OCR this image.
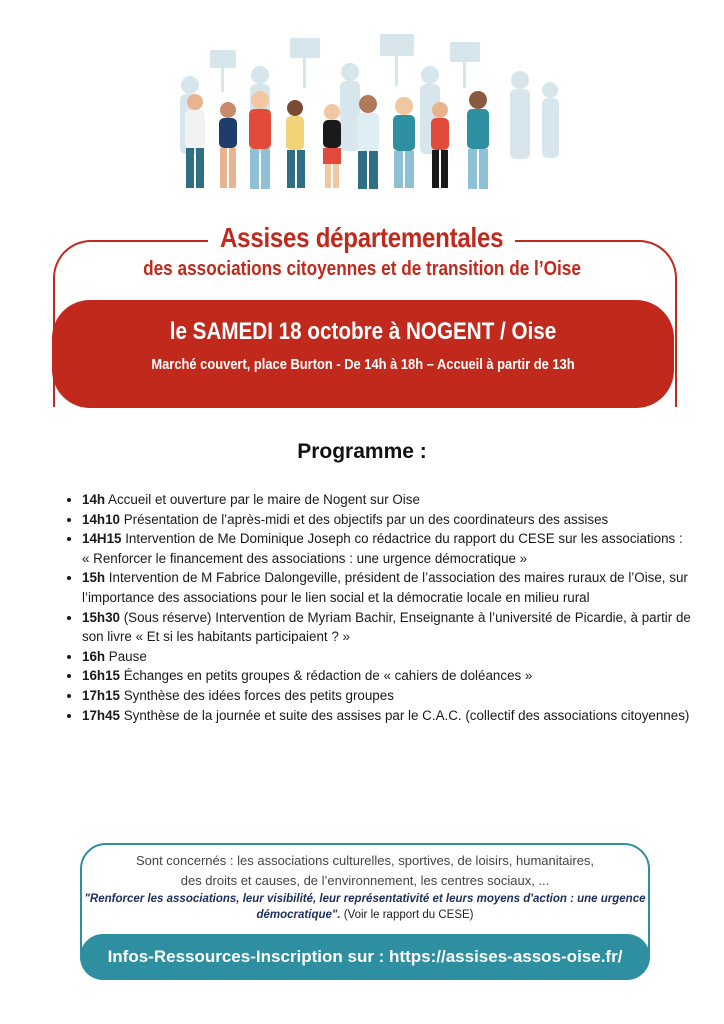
Assises départementales
des associations citoyennes et de transition de l’Oise
le SAMEDI 18 octobre à NOGENT / Oise
Marché couvert, place Burton - De 14h à 18h – Accueil à partir de 13h
Programme :
• 14h Accueil et ouverture par le maire de Nogent sur Oise
• 14h10 Présentation de l’après-midi et des objectifs par un des coordinateurs des assises
• 14H15 Intervention de Me Dominique Joseph co rédactrice du rapport du CESE sur les associations : « Renforcer le financement des associations : une urgence démocratique »
• 15h Intervention de M Fabrice Dalongeville, président de l’association des maires ruraux de l’Oise, sur l’importance des associations pour le lien social et la démocratie locale en milieu rural
• 15h30 (Sous réserve) Intervention de Myriam Bachir, Enseignante à l’université de Picardie, à partir de son livre « Et si les habitants participaient ? »
• 16h Pause
• 16h15 Échanges en petits groupes & rédaction de « cahiers de doléances »
• 17h15 Synthèse des idées forces des petits groupes
• 17h45 Synthèse de la journée et suite des assises par le C.A.C. (collectif des associations citoyennes)
Sont concernés : les associations culturelles, sportives, de loisirs, humanitaires,
des droits et causes, de l’environnement, les centres sociaux, ...
"Renforcer les associations, leur visibilité, leur représentativité et leurs moyens d'action : une urgence démocratique". (Voir le rapport du CESE)
Infos-Ressources-Inscription sur : https://assises-assos-oise.fr/
